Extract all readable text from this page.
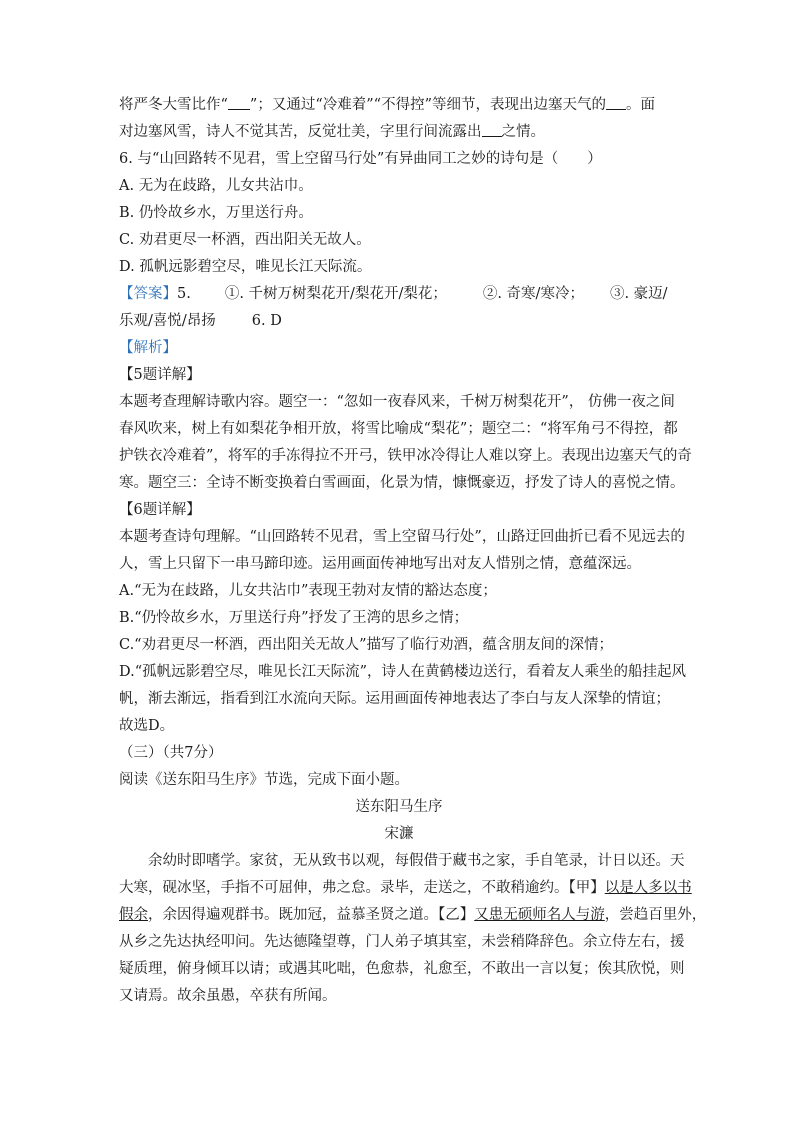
将严冬大雪比作“ ”；又通过“冷难着”“不得控”等细节，表现出边塞天气的 。面
对边塞风雪，诗人不觉其苦，反觉壮美，字里行间流露出 之情。
6. 与“山回路转不见君，雪上空留马行处”有异曲同工之妙的诗句是（　　）
A. 无为在歧路，儿女共沾巾。
B. 仍怜故乡水，万里送行舟。
C. 劝君更尽一杯酒，西出阳关无故人。
D. 孤帆远影碧空尽，唯见长江天际流。
【答案】5. ①. 千树万树梨花开/梨花开/梨花； ②. 奇寒/寒冷； ③. 豪迈/
乐观/喜悦/昂扬 6. D
【解析】
【5题详解】
本题考查理解诗歌内容。题空一：“忽如一夜春风来，千树万树梨花开”， 仿佛一夜之间
春风吹来，树上有如梨花争相开放，将雪比喻成“梨花”；题空二：“将军角弓不得控，都
护铁衣冷难着”，将军的手冻得拉不开弓，铁甲冰冷得让人难以穿上。表现出边塞天气的奇
寒。题空三：全诗不断变换着白雪画面，化景为情，慷慨豪迈，抒发了诗人的喜悦之情。
【6题详解】
本题考查诗句理解。“山回路转不见君，雪上空留马行处”，山路迂回曲折已看不见远去的
人，雪上只留下一串马蹄印迹。运用画面传神地写出对友人惜别之情，意蕴深远。
A.“无为在歧路，儿女共沾巾”表现王勃对友情的豁达态度；
B.“仍怜故乡水，万里送行舟”抒发了王湾的思乡之情；
C.“劝君更尽一杯酒，西出阳关无故人”描写了临行劝酒，蕴含朋友间的深情；
D.“孤帆远影碧空尽，唯见长江天际流”，诗人在黄鹤楼边送行，看着友人乘坐的船挂起风
帆，渐去渐远，指看到江水流向天际。运用画面传神地表达了李白与友人深挚的情谊；
故选D。
（三）（共7分）
阅读《送东阳马生序》节选，完成下面小题。
送东阳马生序
宋濂
余幼时即嗜学。家贫，无从致书以观，每假借于藏书之家，手自笔录，计日以还。天
大寒，砚冰坚，手指不可屈伸，弗之怠。录毕，走送之，不敢稍逾约。【甲】以是人多以书
假余，余因得遍观群书。既加冠，益慕圣贤之道。【乙】又患无硕师名人与游，尝趋百里外，
从乡之先达执经叩问。先达德隆望尊，门人弟子填其室，未尝稍降辞色。余立侍左右，援
疑质理，俯身倾耳以请；或遇其叱咄，色愈恭，礼愈至，不敢出一言以复；俟其欣悦，则
又请焉。故余虽愚，卒获有所闻。
